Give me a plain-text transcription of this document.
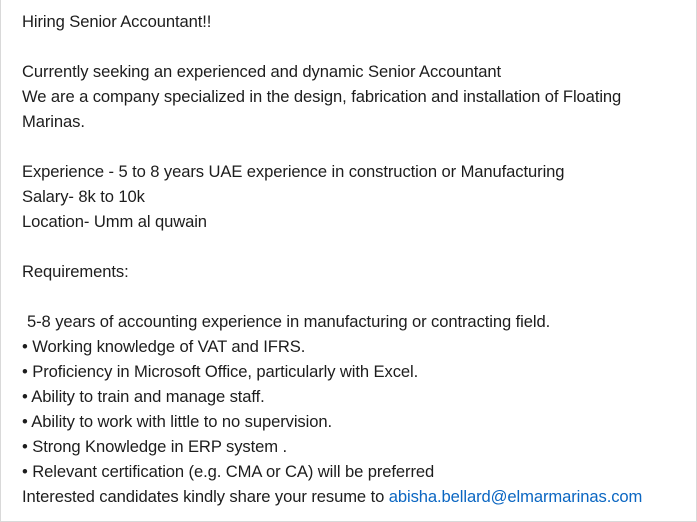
Hiring Senior Accountant!!
Currently seeking an experienced and dynamic Senior Accountant
We are a company specialized in the design, fabrication and installation of Floating
Marinas.
Experience - 5 to 8 years UAE experience in construction or Manufacturing
Salary- 8k to 10k
Location- Umm al quwain
Requirements:
5-8 years of accounting experience in manufacturing or contracting field.
• Working knowledge of VAT and IFRS.
• Proficiency in Microsoft Office, particularly with Excel.
• Ability to train and manage staff.
• Ability to work with little to no supervision.
• Strong Knowledge in ERP system .
• Relevant certification (e.g. CMA or CA) will be preferred
Interested candidates kindly share your resume to abisha.bellard@elmarmarinas.com
